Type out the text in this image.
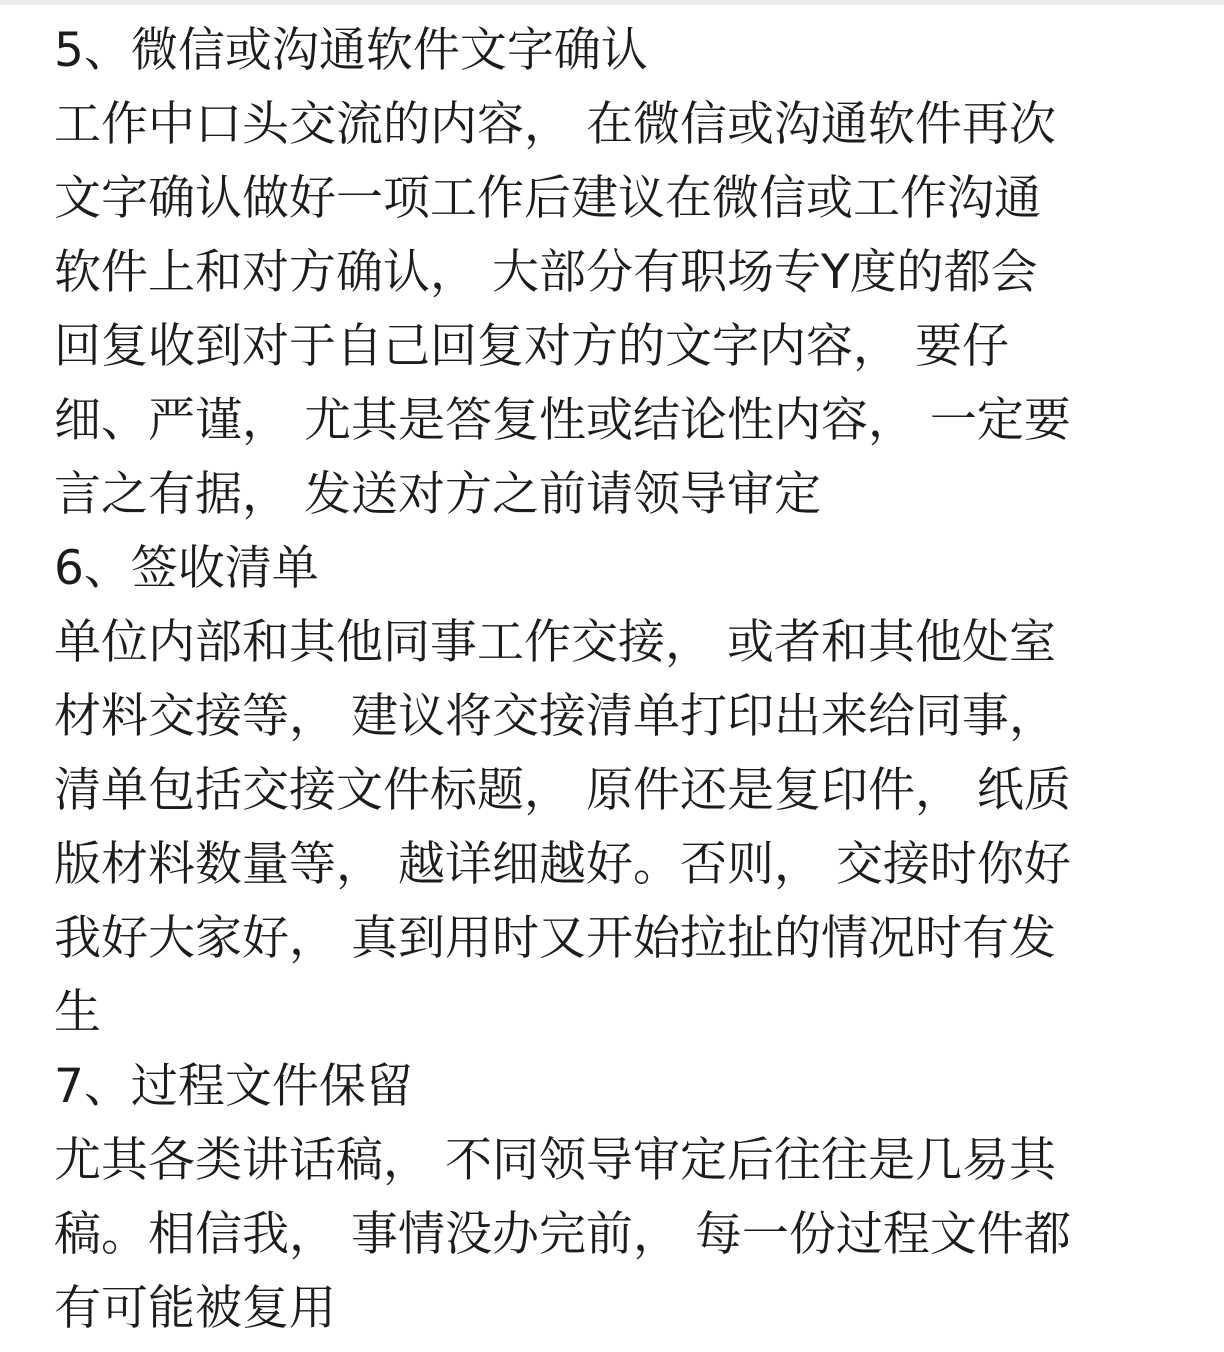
5、微信或沟通软件文字确认
工作中口头交流的内容， 在微信或沟通软件再次
文字确认做好一项工作后建议在微信或工作沟通
软件上和对方确认， 大部分有职场专Y度的都会
回复收到对于自己回复对方的文字内容， 要仔
细、严谨， 尤其是答复性或结论性内容， 一定要
言之有据， 发送对方之前请领导审定
6、签收清单
单位内部和其他同事工作交接， 或者和其他处室
材料交接等， 建议将交接清单打印出来给同事，
清单包括交接文件标题， 原件还是复印件， 纸质
版材料数量等， 越详细越好。否则， 交接时你好
我好大家好， 真到用时又开始拉扯的情况时有发
生
7、过程文件保留
尤其各类讲话稿， 不同领导审定后往往是几易其
稿。相信我， 事情没办完前， 每一份过程文件都
有可能被复用
